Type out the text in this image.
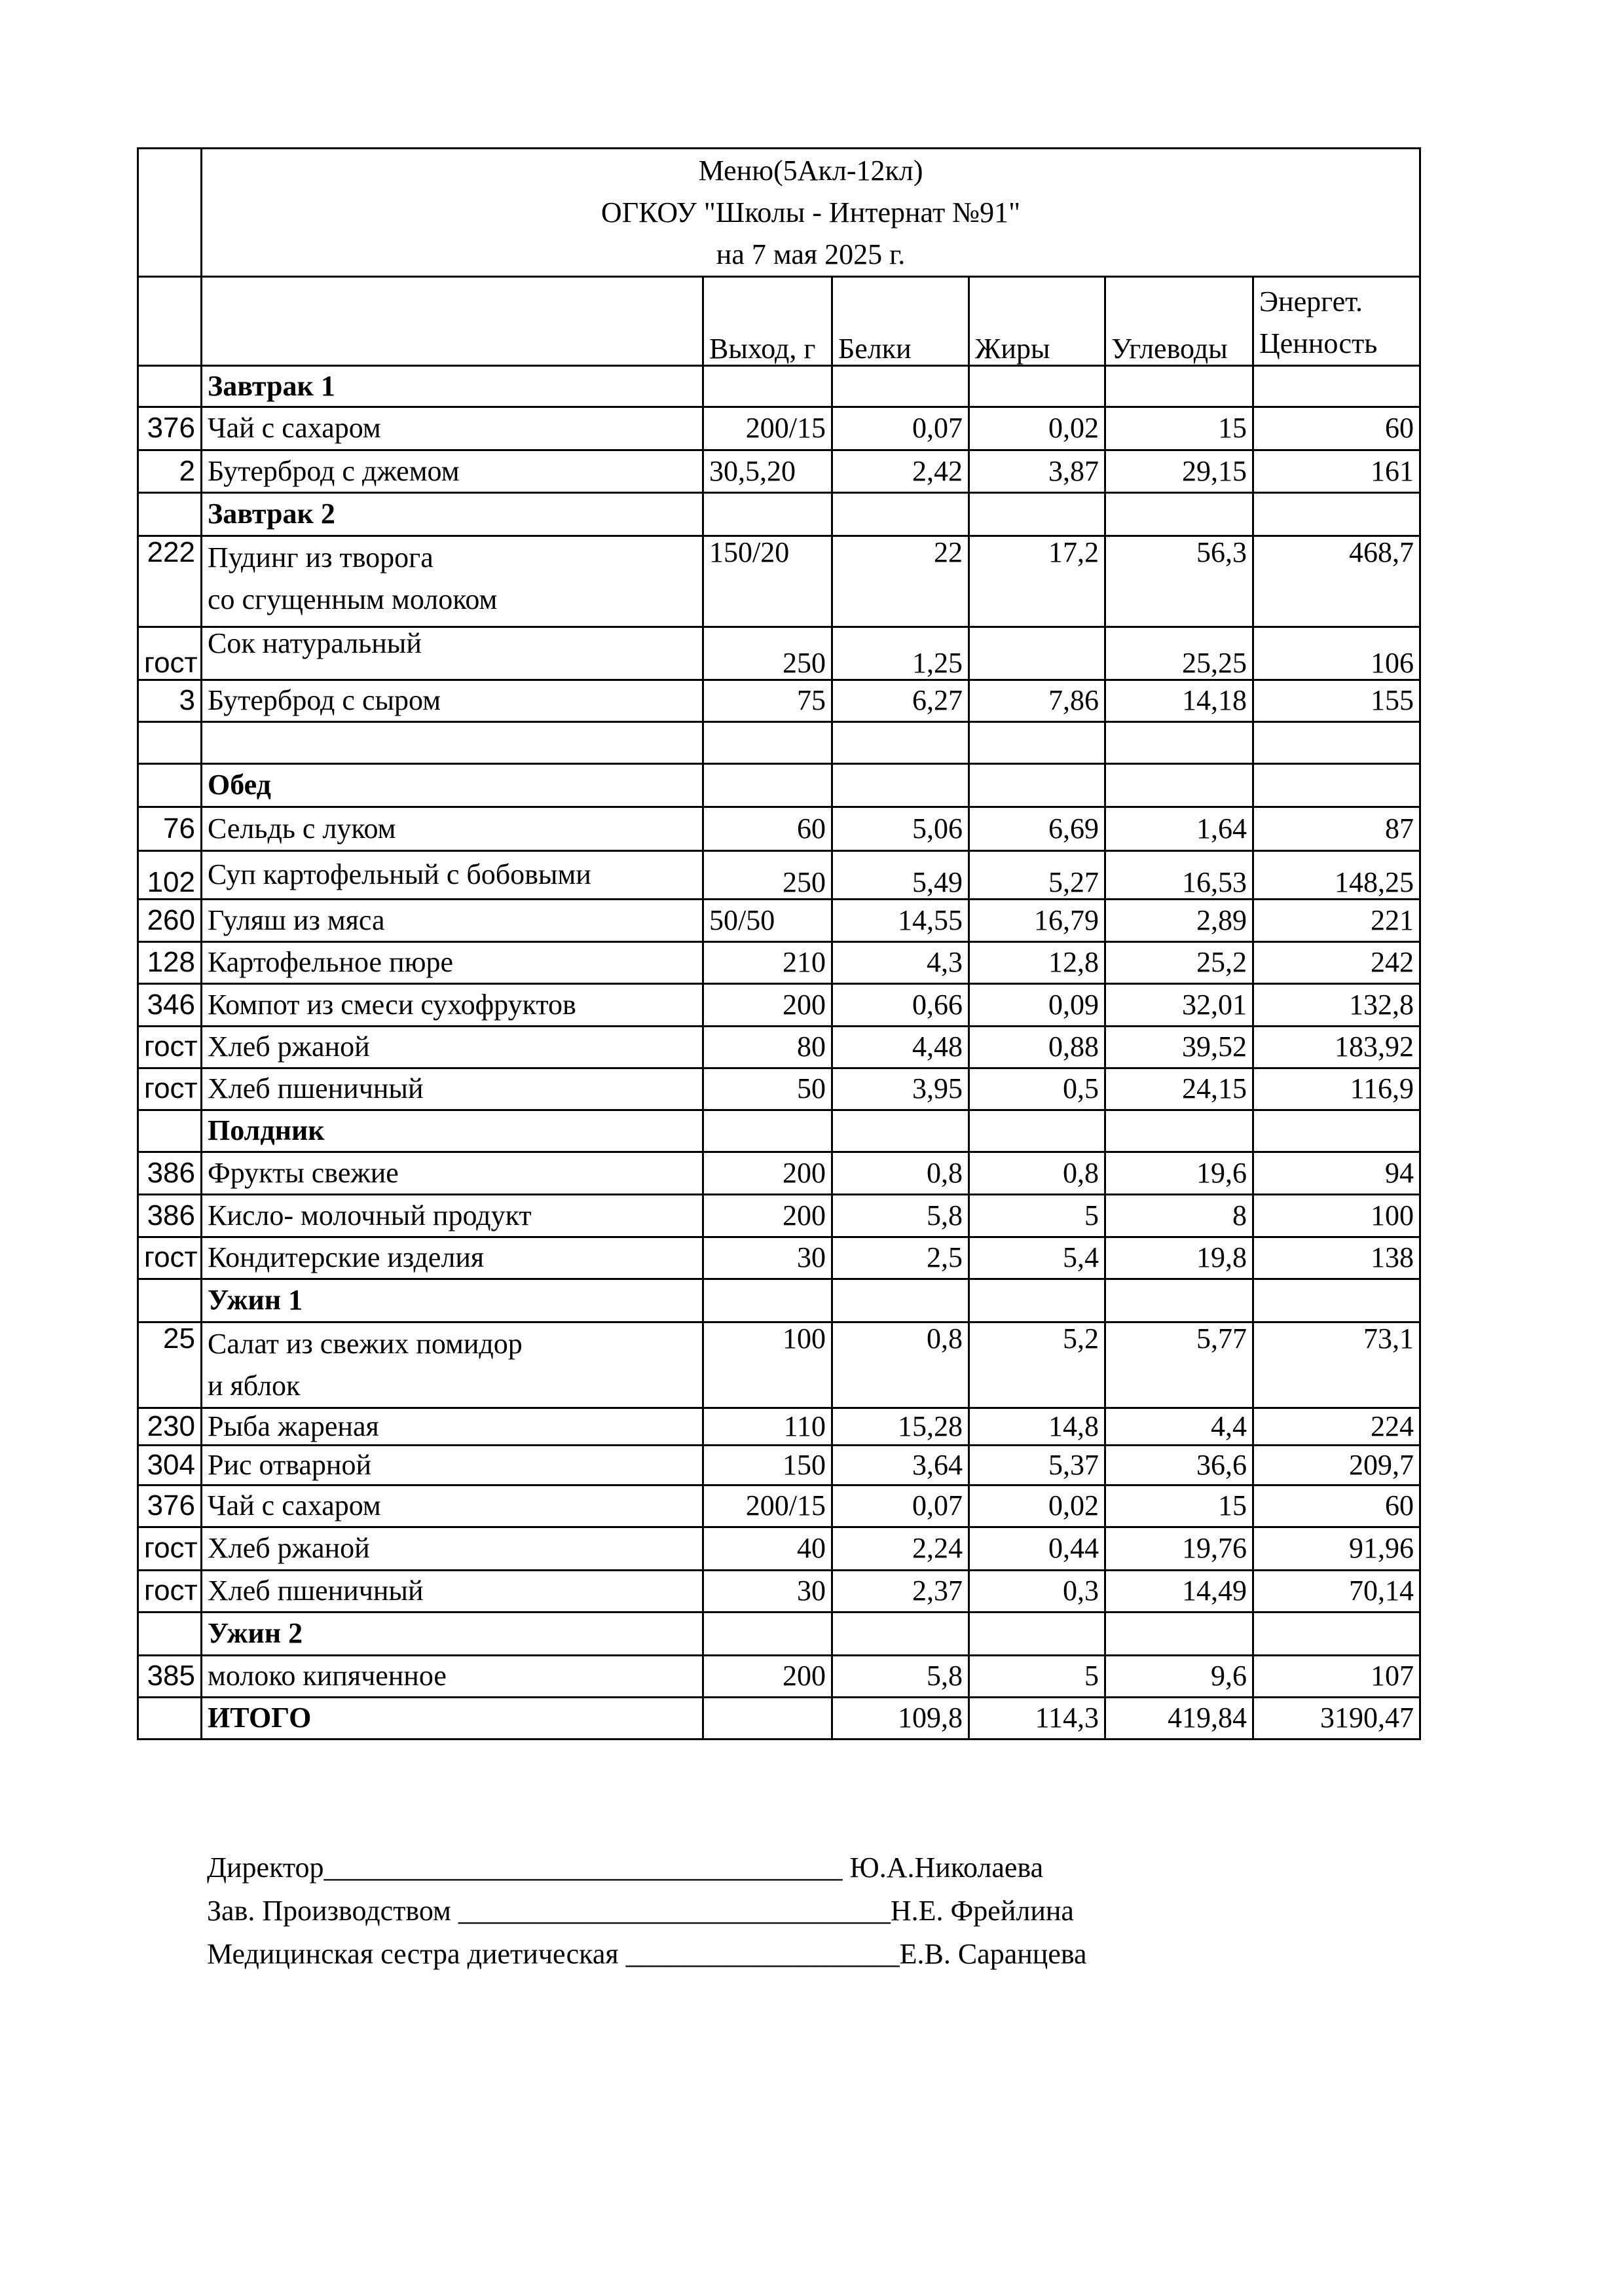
	Меню(5Акл-12кл)
ОГКОУ "Школы - Интернат №91"
на 7 мая 2025 г.					

		Выход, г	Белки	Жиры	Углеводы	Энергет.
Ценность

	Завтрак 1					
376	Чай с сахаром	200/15	0,07	0,02	15	60
2	Бутерброд с джемом	30,5,20	2,42	3,87	29,15	161
	Завтрак 2					
222	Пудинг из творога
со сгущенным молоком	150/20	22	17,2	56,3	468,7
гост	Сок натуральный	250	1,25		25,25	106
3	Бутерброд с сыром	75	6,27	7,86	14,18	155

	Обед					
76	Сельдь с луком	60	5,06	6,69	1,64	87
102	Суп картофельный с бобовыми	250	5,49	5,27	16,53	148,25
260	Гуляш из мяса	50/50	14,55	16,79	2,89	221
128	Картофельное пюре	210	4,3	12,8	25,2	242
346	Компот из смеси сухофруктов	200	0,66	0,09	32,01	132,8
гост	Хлеб ржаной	80	4,48	0,88	39,52	183,92
гост	Хлеб пшеничный	50	3,95	0,5	24,15	116,9
	Полдник					
386	Фрукты свежие	200	0,8	0,8	19,6	94
386	Кисло- молочный продукт	200	5,8	5	8	100
гост	Кондитерские изделия	30	2,5	5,4	19,8	138
	Ужин 1					
25	Салат из свежих помидор
и яблок	100	0,8	5,2	5,77	73,1
230	Рыба жареная	110	15,28	14,8	4,4	224
304	Рис отварной	150	3,64	5,37	36,6	209,7
376	Чай с сахаром	200/15	0,07	0,02	15	60
гост	Хлеб ржаной	40	2,24	0,44	19,76	91,96
гост	Хлеб пшеничный	30	2,37	0,3	14,49	70,14
	Ужин 2					
385	молоко кипяченное	200	5,8	5	9,6	107
	ИТОГО		109,8	114,3	419,84	3190,47
Директор____________________________________ Ю.А.Николаева
Зав. Производством ______________________________Н.Е. Фрейлина
Медицинская сестра диетическая ___________________Е.В. Саранцева
